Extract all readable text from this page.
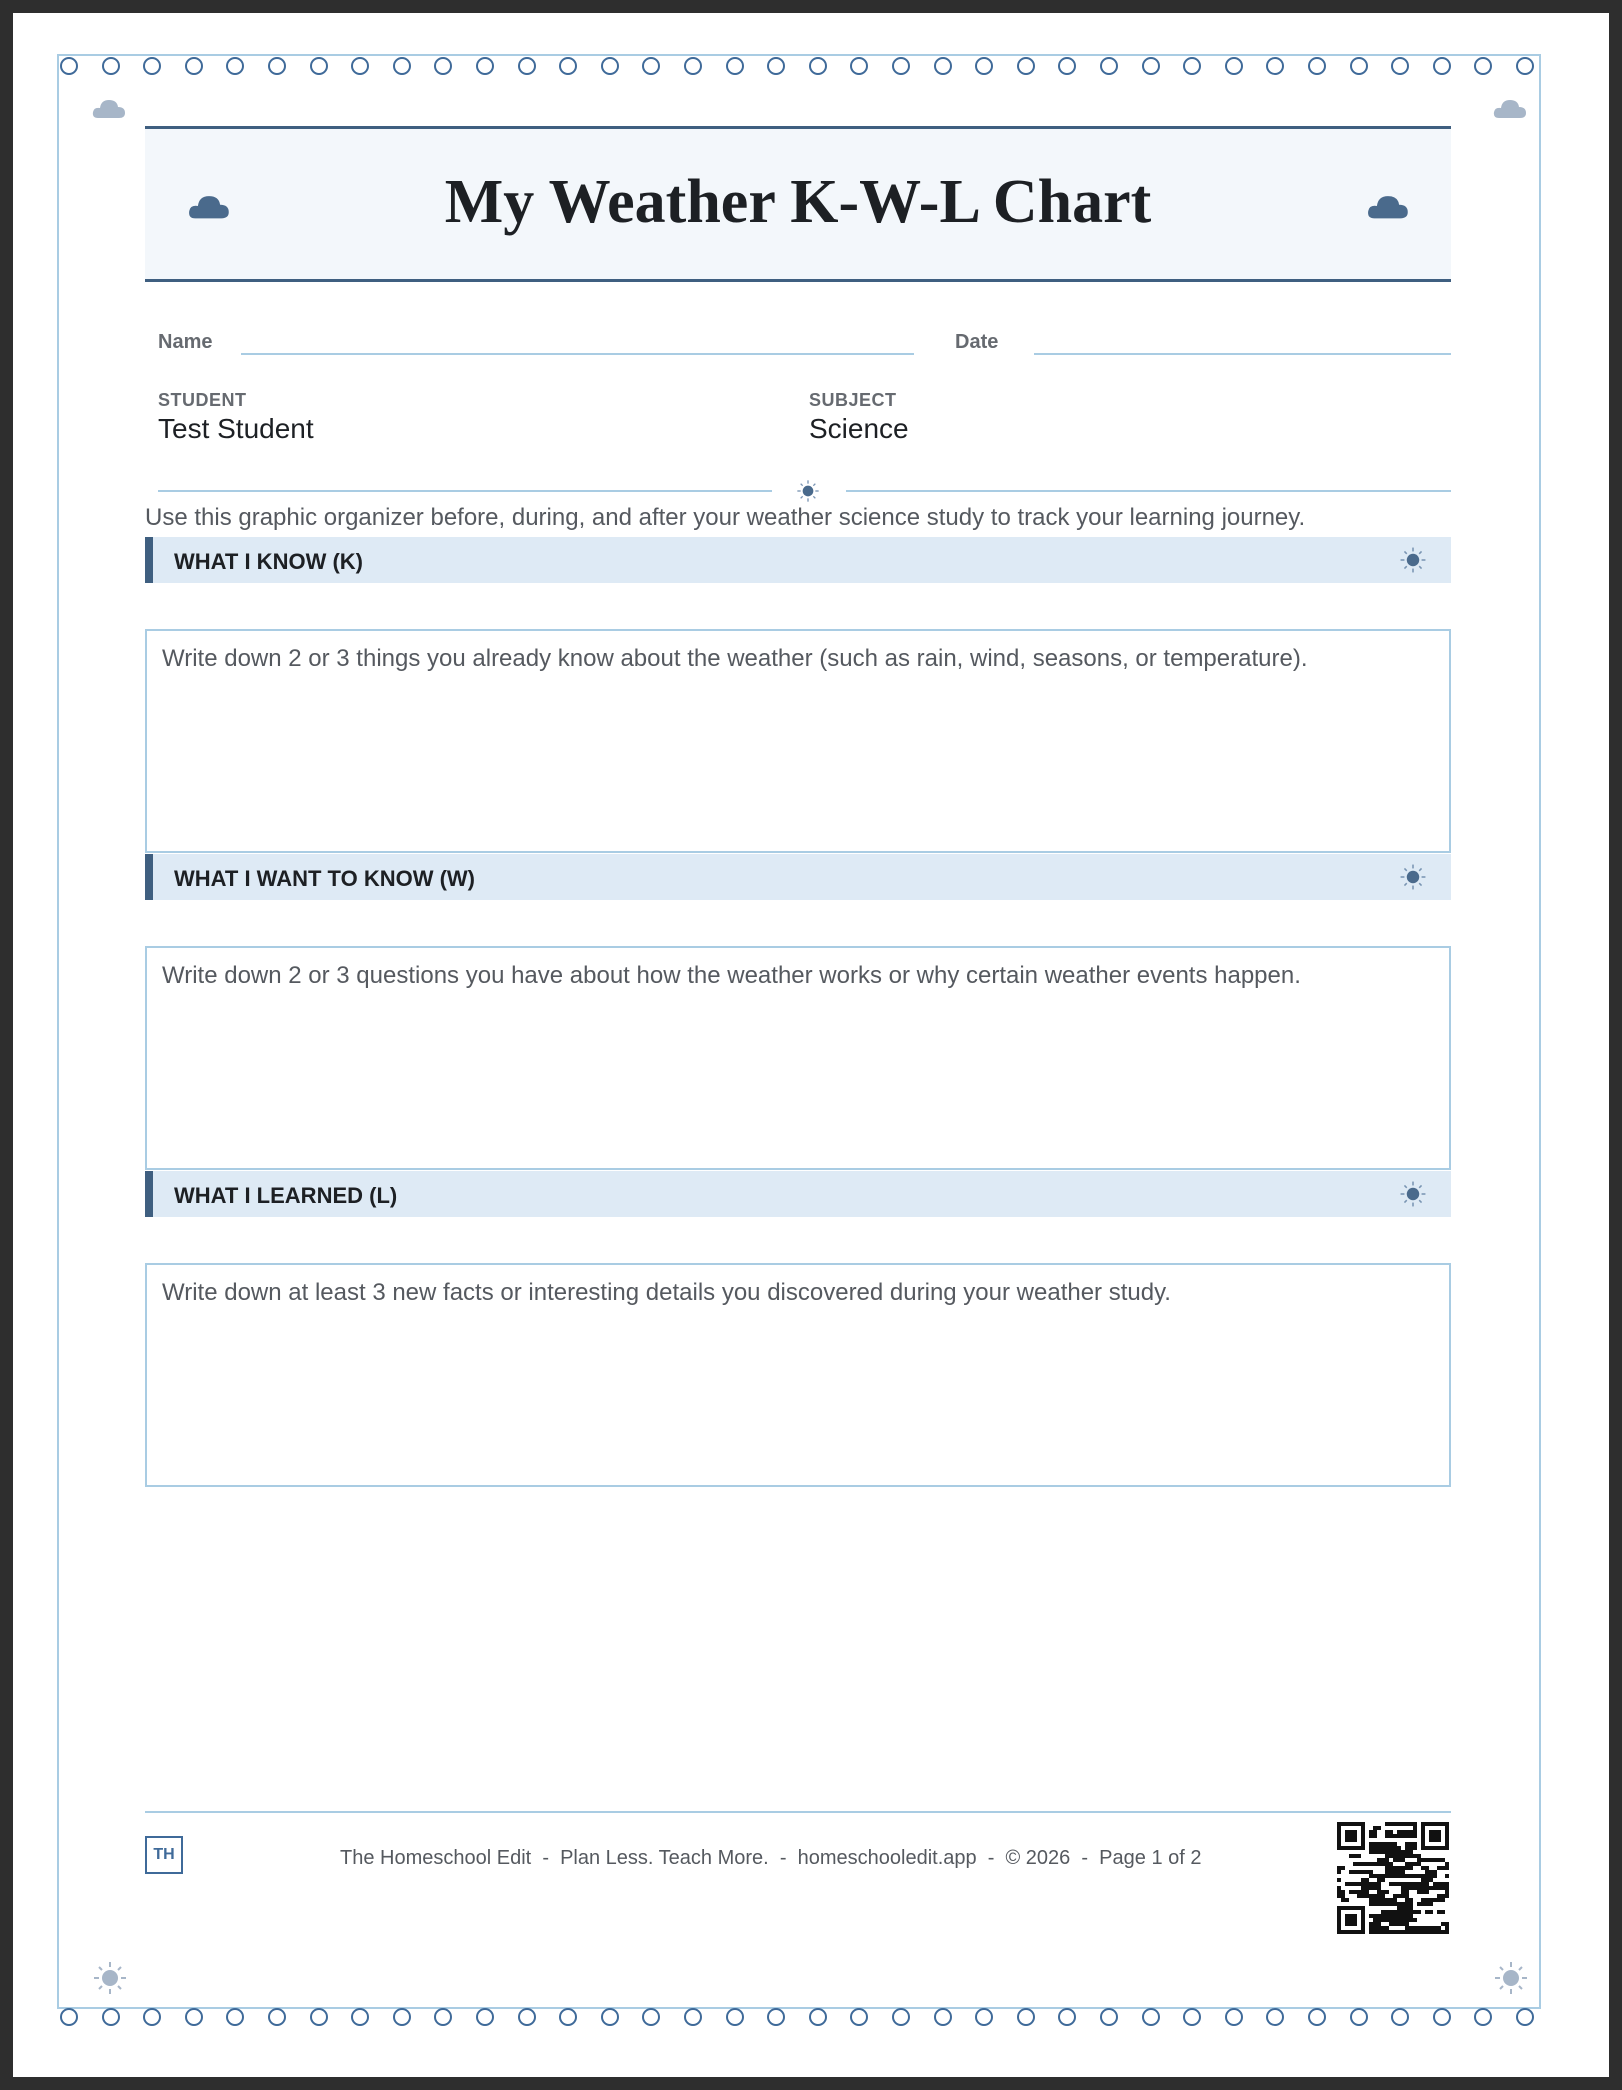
My Weather K-W-L Chart
Name	Date
STUDENT
Test Student
SUBJECT
Science
Use this graphic organizer before, during, and after your weather science study to track your learning journey.
WHAT I KNOW (K)
Write down 2 or 3 things you already know about the weather (such as rain, wind, seasons, or temperature).
WHAT I WANT TO KNOW (W)
Write down 2 or 3 questions you have about how the weather works or why certain weather events happen.
WHAT I LEARNED (L)
Write down at least 3 new facts or interesting details you discovered during your weather study.
TH	The Homeschool Edit  -  Plan Less. Teach More.  -  homeschooledit.app  -  © 2026  -  Page 1 of 2
